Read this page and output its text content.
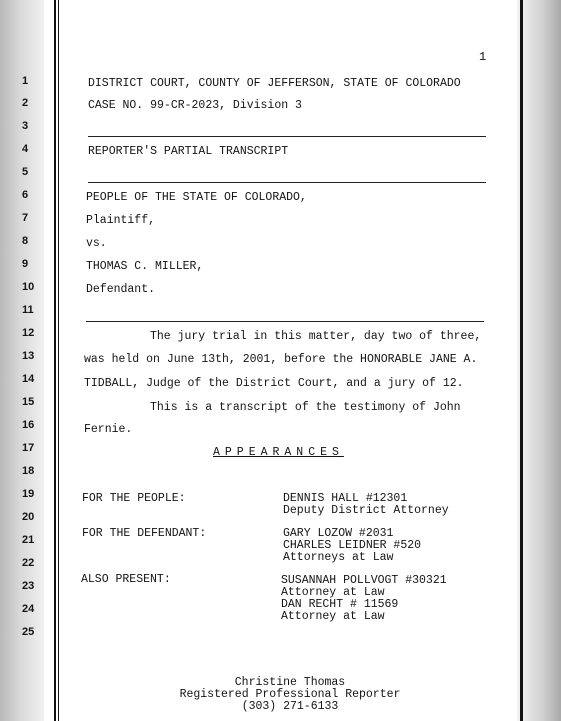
1
1
2
3
4
5
6
7
8
9
10
11
12
13
14
15
16
17
18
19
20
21
22
23
24
25
DISTRICT COURT, COUNTY OF JEFFERSON, STATE OF COLORADO
CASE NO. 99-CR-2023, Division 3
REPORTER'S PARTIAL TRANSCRIPT
PEOPLE OF THE STATE OF COLORADO,
Plaintiff,
vs.
THOMAS C. MILLER,
Defendant.
The jury trial in this matter, day two of three,
was held on June 13th, 2001, before the HONORABLE JANE A.
TIDBALL, Judge of the District Court, and a jury of 12.
This is a transcript of the testimony of John
Fernie.
APPEARANCES
FOR THE PEOPLE:	DENNIS HALL #12301
Deputy District Attorney
FOR THE DEFENDANT:	GARY LOZOW #2031
CHARLES LEIDNER #520
Attorneys at Law
ALSO PRESENT:	SUSANNAH POLLVOGT #30321
Attorney at Law
DAN RECHT # 11569
Attorney at Law
Christine Thomas
Registered Professional Reporter
(303) 271-6133
